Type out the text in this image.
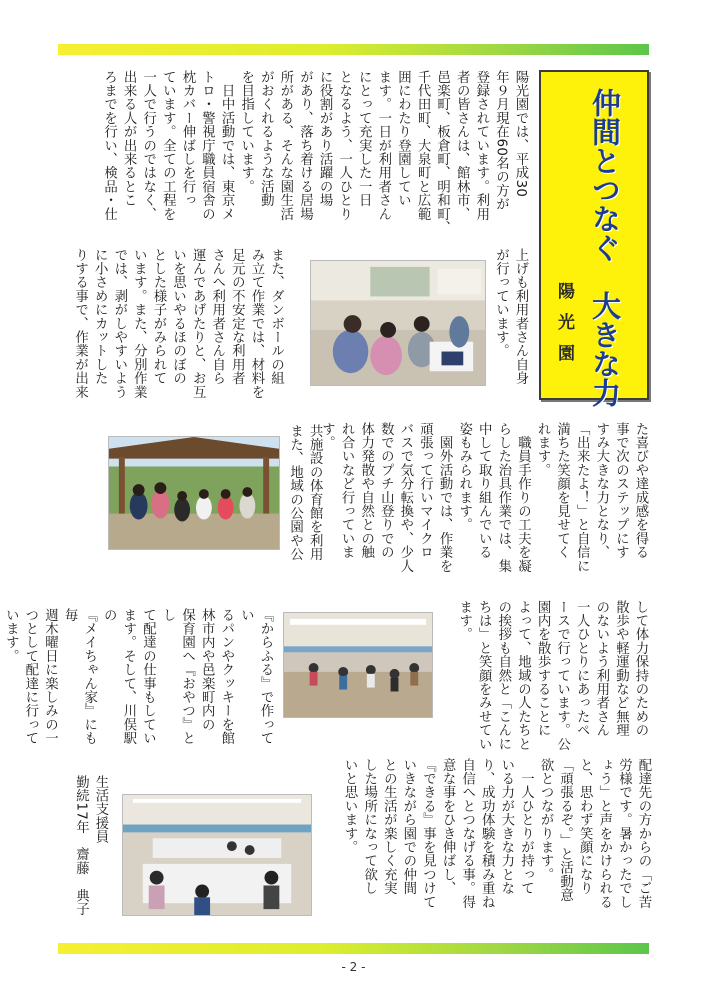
仲間とつなぐ　大きな力
陽光園
陽光園では、平成30
年９月現在60名の方が
登録されています。利用
者の皆さんは、館林市、
邑楽町、板倉町、明和町、
千代田町、大泉町と広範
囲にわたり登園してい
ます。一日が利用者さん
にとって充実した一日
となるよう、一人ひとり
に役割があり活躍の場
があり、落ち着ける居場
所がある、そんな園生活
がおくれるような活動
を目指しています。
　日中活動では、東京メ
トロ・警視庁職員宿舎の
枕カバー伸ばしを行っ
ています。全ての工程を
一人で行うのではなく、
出来る人が出来るとこ
ろまでを行い、検品・仕
上げも利用者さん自身
が行っています。
りする事で、作業が出来
に小さめにカットした
では、剥がしやすいよう
います。また、分別作業
とした様子がみられて
いを思いやるほのぼの
運んであげたりと、お互
さんへ利用者さん自ら
足元の不安定な利用者
み立て作業では、材料を
また、ダンボールの組
た喜びや達成感を得る
事で次のステップにす
すみ大きな力となり、
「出来たよ！」と自信に
満ちた笑顔を見せてく
れます。
　職員手作りの工夫を凝
らした治具作業では、集
中して取り組んでいる
姿もみられます。
　園外活動では、作業を
頑張って行いマイクロ
バスで気分転換や、少人
数でのプチ山登りでの
体力発散や自然との触
れ合いなど行っていま
す。
して体力保持のための
散歩や軽運動など無理
のないよう利用者さん
一人ひとりにあったペ
ースで行っています。公
園内を散歩することに
よって、地域の人たちと
の挨拶も自然と「こんに
ちは」と笑顔をみせてい
ます。
また、地域の公園や公
共施設の体育館を利用
『からふる』で作ってい
るパンやクッキーを館
林市内や邑楽町内の
保育園へ『おやつ』とし
て配達の仕事もしてい
ます。そして、川俣駅の
『メイちゃん家』にも毎
週木曜日に楽しみの一
つとして配達に行って
います。
配達先の方からの「ご苦
労様です。暑かったでし
ょう」と声をかけられる
と、思わず笑顔になり
「頑張るぞ。」と活動意
欲とつながります。
　一人ひとりが持って
いる力が大きな力とな
り、成功体験を積み重ね
自信へとつなげる事。得
意な事をひき伸ばし、
『できる』事を見つけて
いきながら園での仲間
との生活が楽しく充実
した場所になって欲し
いと思います。
生活支援員
勤続17年　齋藤　典子
- 2 -
